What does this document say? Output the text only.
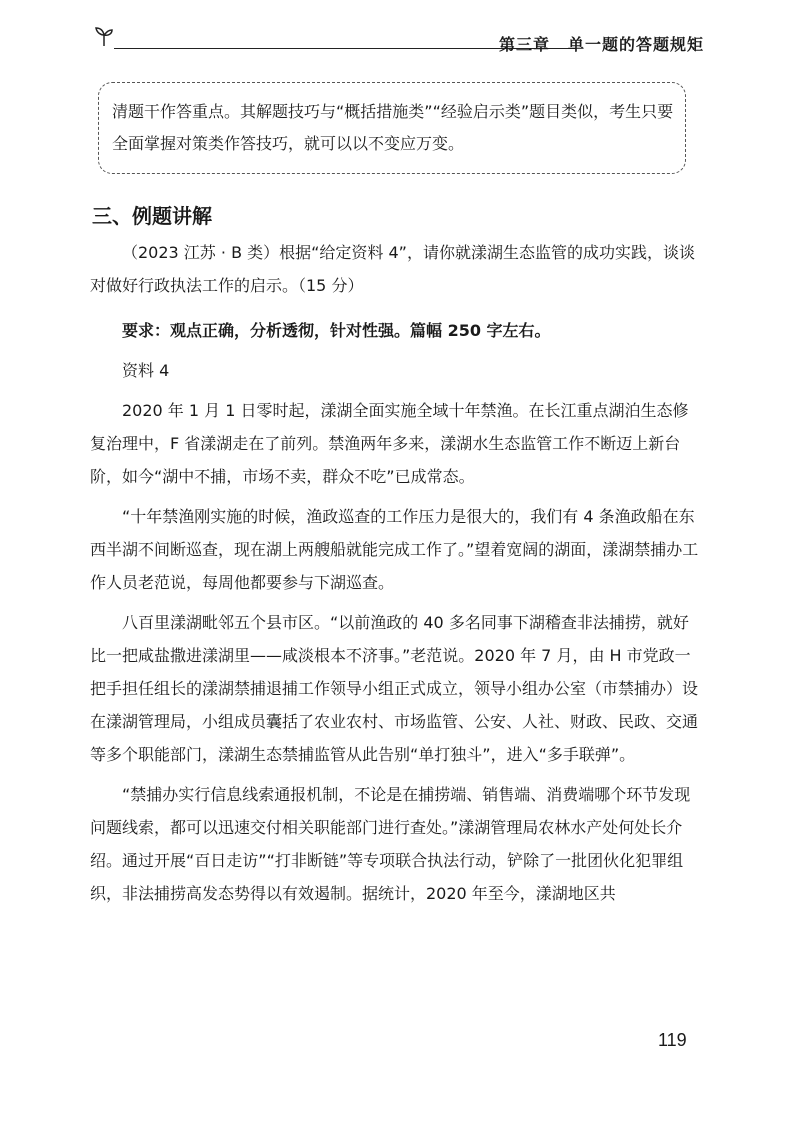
第三章 单一题的答题规矩
清题干作答重点。其解题技巧与“概括措施类”“经验启示类”题目类似，考生只要
全面掌握对策类作答技巧，就可以以不变应万变。
三、例题讲解

（2023 江苏 · B 类）根据“给定资料 4”，请你就漾湖生态监管的成功实践，谈谈对做好行政执法工作的启示。（15 分）

要求：观点正确，分析透彻，针对性强。篇幅 250 字左右。

资料 4

2020 年 1 月 1 日零时起，漾湖全面实施全域十年禁渔。在长江重点湖泊生态修复治理中，F 省漾湖走在了前列。禁渔两年多来，漾湖水生态监管工作不断迈上新台阶，如今“湖中不捕，市场不卖，群众不吃”已成常态。

“十年禁渔刚实施的时候，渔政巡查的工作压力是很大的，我们有 4 条渔政船在东西半湖不间断巡查，现在湖上两艘船就能完成工作了。”望着宽阔的湖面，漾湖禁捕办工作人员老范说，每周他都要参与下湖巡查。

八百里漾湖毗邻五个县市区。“以前渔政的 40 多名同事下湖稽查非法捕捞，就好比一把咸盐撒进漾湖里——咸淡根本不济事。”老范说。2020 年 7 月，由 H 市党政一把手担任组长的漾湖禁捕退捕工作领导小组正式成立，领导小组办公室（市禁捕办）设在漾湖管理局，小组成员囊括了农业农村、市场监管、公安、人社、财政、民政、交通等多个职能部门，漾湖生态禁捕监管从此告别“单打独斗”，进入“多手联弹”。

“禁捕办实行信息线索通报机制，不论是在捕捞端、销售端、消费端哪个环节发现问题线索，都可以迅速交付相关职能部门进行查处。”漾湖管理局农林水产处何处长介绍。通过开展“百日走访”“打非断链”等专项联合执法行动，铲除了一批团伙化犯罪组织，非法捕捞高发态势得以有效遏制。据统计，2020 年至今，漾湖地区共

119
